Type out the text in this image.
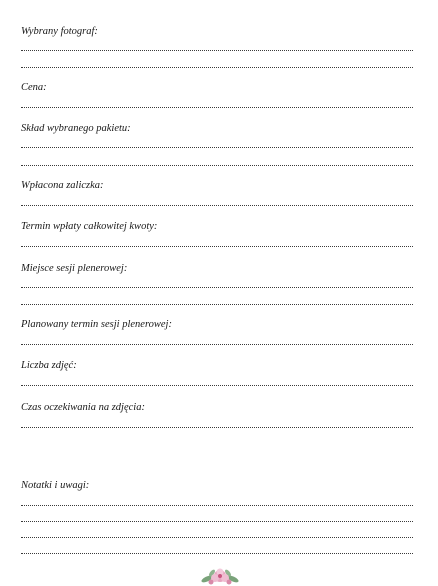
Wybrany fotograf:
Cena:
Skład wybranego pakietu:
Wpłacona zaliczka:
Termin wpłaty całkowitej kwoty:
Miejsce sesji plenerowej:
Planowany termin sesji plenerowej:
Liczba zdjęć:
Czas oczekiwania na zdjęcia:
Notatki i uwagi:
